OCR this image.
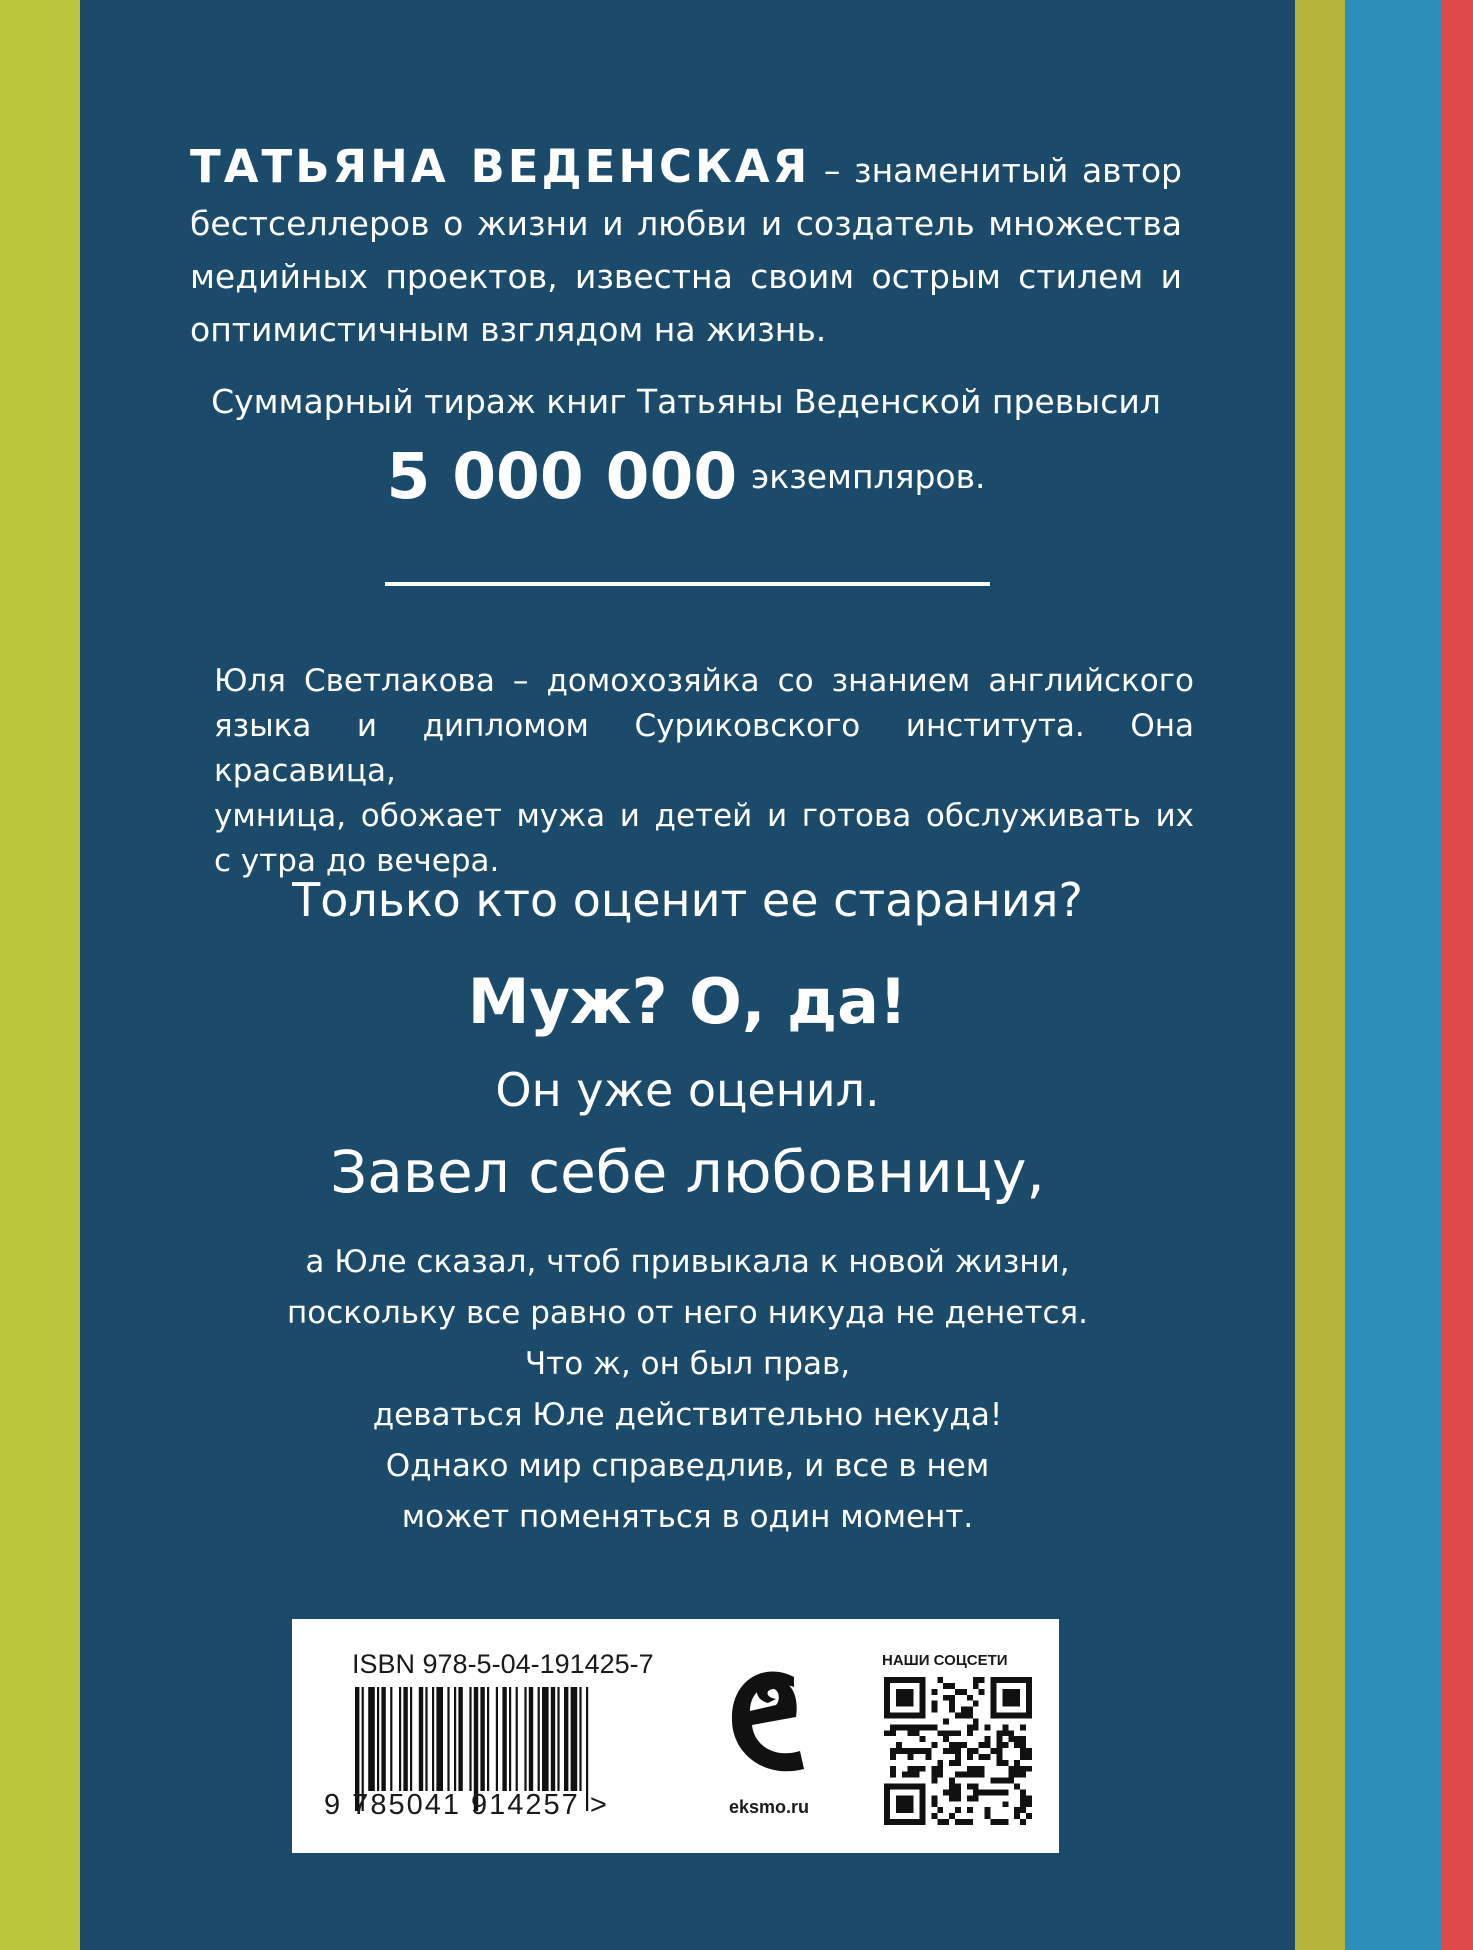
ТАТЬЯНА ВЕДЕНСКАЯ – знаменитый автор
бестселлеров о жизни и любви и создатель множества
медийных проектов, известна своим острым стилем и
оптимистичным взглядом на жизнь.
Суммарный тираж книг Татьяны Веденской превысил
5 000 000 экземпляров.
Юля Светлакова – домохозяйка со знанием английского
языка и дипломом Суриковского института. Она красавица,
умница, обожает мужа и детей и готова обслуживать их
с утра до вечера.
Только кто оценит ее старания?
Муж? О, да!
Он уже оценил.
Завел себе любовницу,
а Юле сказал, чтоб привыкала к новой жизни,
поскольку все равно от него никуда не денется.
Что ж, он был прав,
деваться Юле действительно некуда!
Однако мир справедлив, и все в нем
может поменяться в один момент.
ISBN 978-5-04-191425-7
9 785041 914257 >	eksmo.ru
НАШИ СОЦСЕТИ
